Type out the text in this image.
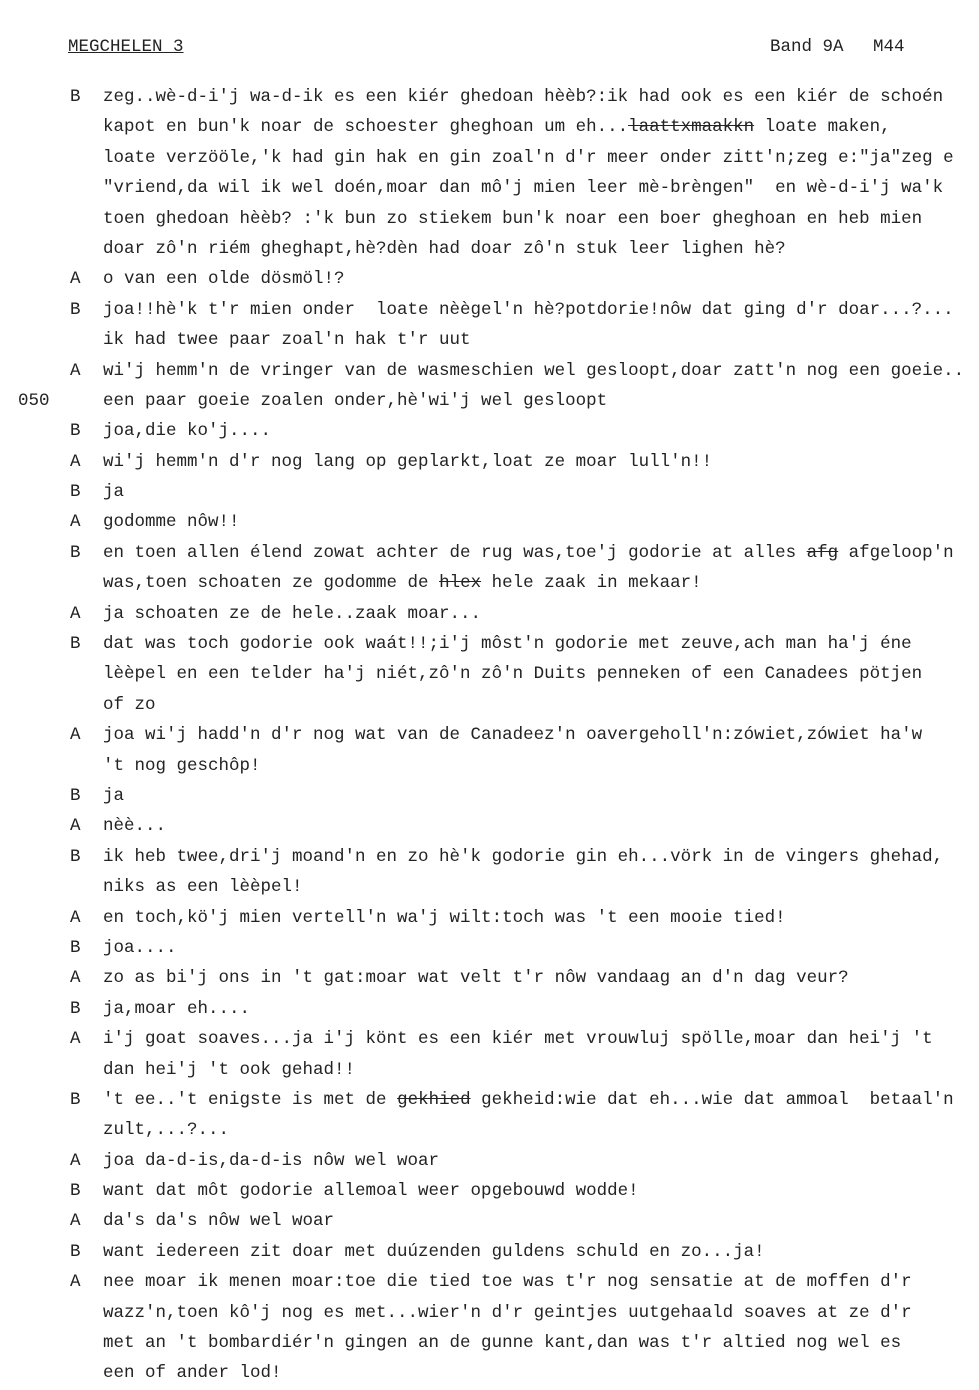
MEGCHELEN 3	Band 9A M44
B zeg..wè-d-i'j wa-d-ik es een kiér ghedoan hèèb?:ik had ook es een kiér de schoén
kapot en bun'k noar de schoester gheghoan um eh...laattxmaakkn loate maken,
loate verzööle,'k had gin hak en gin zoal'n d'r meer onder zitt'n;zeg e:"ja"zeg e
"vriend,da wil ik wel doén,moar dan mô'j mien leer mè-brèngen"  en wè-d-i'j wa'k
toen ghedoan hèèb? :'k bun zo stiekem bun'k noar een boer gheghoan en heb mien
doar zô'n riém gheghapt,hè?dèn had doar zô'n stuk leer lighen hè?
A o van een olde dösmöl!?
B joa!!hè'k t'r mien onder  loate nèègel'n hè?potdorie!nôw dat ging d'r doar...?...
ik had twee paar zoal'n hak t'r uut
A wi'j hemm'n de vringer van de wasmeschien wel gesloopt,doar zatt'n nog een goeie..
050	een paar goeie zoalen onder,hè'wi'j wel gesloopt
B joa,die ko'j....
A wi'j hemm'n d'r nog lang op geplarkt,loat ze moar lull'n!!
B ja
A godomme nôw!!
B en toen allen élend zowat achter de rug was,toe'j godorie at alles afg afgeloop'n
was,toen schoaten ze godomme de hlex hele zaak in mekaar!
A ja schoaten ze de hele..zaak moar...
B dat was toch godorie ook waát!!;i'j môst'n godorie met zeuve,ach man ha'j éne
lèèpel en een telder ha'j niét,zô'n zô'n Duits penneken of een Canadees pötjen
of zo
A joa wi'j hadd'n d'r nog wat van de Canadeez'n oavergeholl'n:zówiet,zówiet ha'w
't nog geschôp!
B ja
A nèè...
B ik heb twee,dri'j moand'n en zo hè'k godorie gin eh...vörk in de vingers ghehad,
niks as een lèèpel!
A en toch,kö'j mien vertell'n wa'j wilt:toch was 't een mooie tied!
B joa....
A zo as bi'j ons in 't gat:moar wat velt t'r nôw vandaag an d'n dag veur?
B ja,moar eh....
A i'j goat soaves...ja i'j könt es een kiér met vrouwluj spölle,moar dan hei'j 't
dan hei'j 't ook gehad!!
B 't ee..'t enigste is met de gekhied gekheid:wie dat eh...wie dat ammoal  betaal'n
zult,...?...
A joa da-d-is,da-d-is nôw wel woar
B want dat môt godorie allemoal weer opgebouwd wodde!
A da's da's nôw wel woar
B want iedereen zit doar met duúzenden guldens schuld en zo...ja!
A nee moar ik menen moar:toe die tied toe was t'r nog sensatie at de moffen d'r
wazz'n,toen kô'j nog es met...wier'n d'r geintjes uutgehaald soaves at ze d'r
met an 't bombardiér'n gingen an de gunne kant,dan was t'r altied nog wel es
een of ander lod!
